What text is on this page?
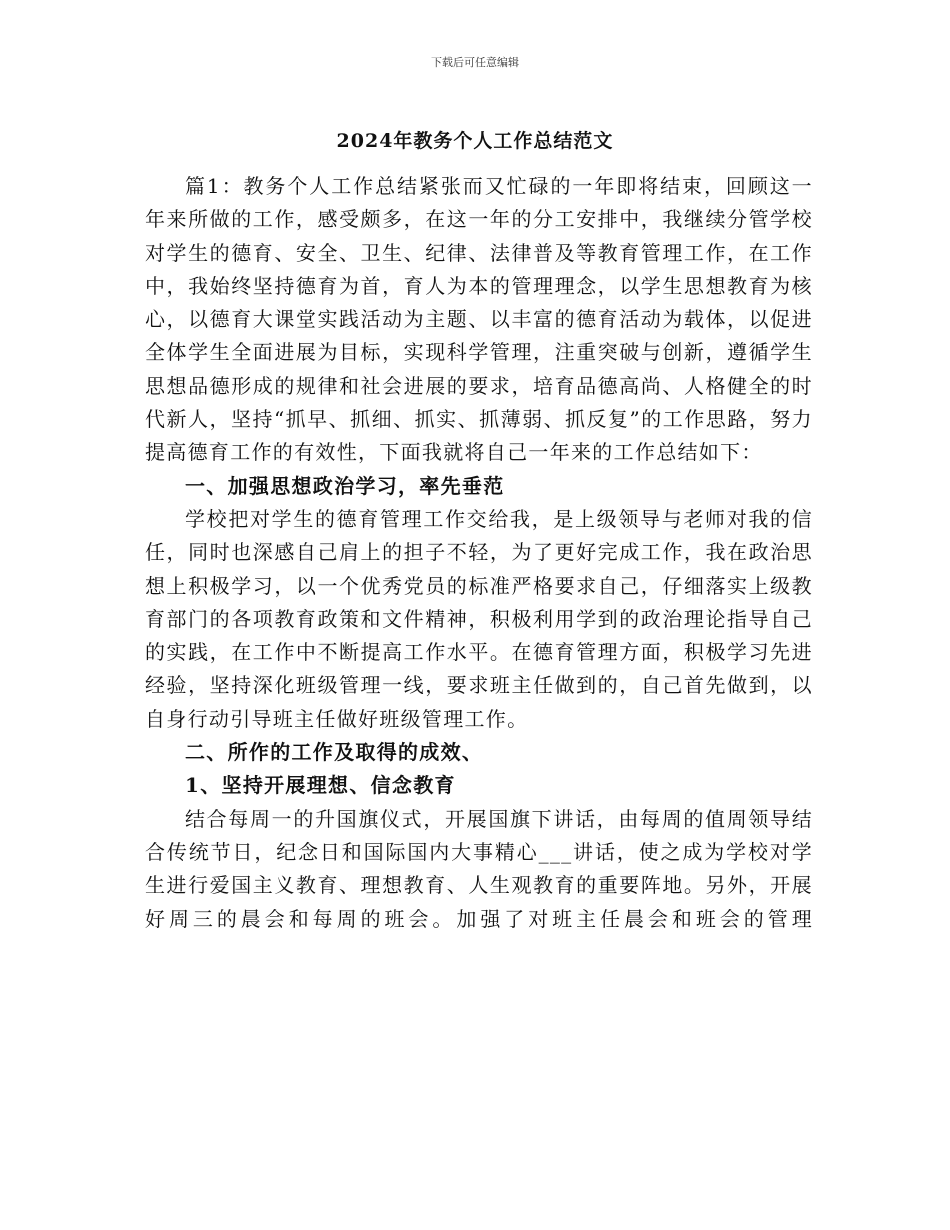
下载后可任意编辑
2024年教务个人工作总结范文

篇1：教务个人工作总结紧张而又忙碌的一年即将结束，回顾这一年来所做的工作，感受颇多，在这一年的分工安排中，我继续分管学校对学生的德育、安全、卫生、纪律、法律普及等教育管理工作，在工作中，我始终坚持德育为首，育人为本的管理理念，以学生思想教育为核心，以德育大课堂实践活动为主题、以丰富的德育活动为载体，以促进全体学生全面进展为目标，实现科学管理，注重突破与创新，遵循学生思想品德形成的规律和社会进展的要求，培育品德高尚、人格健全的时代新人，坚持“抓早、抓细、抓实、抓薄弱、抓反复”的工作思路，努力提高德育工作的有效性，下面我就将自己一年来的工作总结如下：

一、加强思想政治学习，率先垂范

学校把对学生的德育管理工作交给我，是上级领导与老师对我的信任，同时也深感自己肩上的担子不轻，为了更好完成工作，我在政治思想上积极学习，以一个优秀党员的标准严格要求自己，仔细落实上级教育部门的各项教育政策和文件精神，积极利用学到的政治理论指导自己的实践，在工作中不断提高工作水平。在德育管理方面，积极学习先进经验，坚持深化班级管理一线，要求班主任做到的，自己首先做到，以自身行动引导班主任做好班级管理工作。

二、所作的工作及取得的成效、

1、坚持开展理想、信念教育

结合每周一的升国旗仪式，开展国旗下讲话，由每周的值周领导结合传统节日，纪念日和国际国内大事精心___讲话，使之成为学校对学生进行爱国主义教育、理想教育、人生观教育的重要阵地。另外，开展好周三的晨会和每周的班会。加强了对班主任晨会和班会的管理
